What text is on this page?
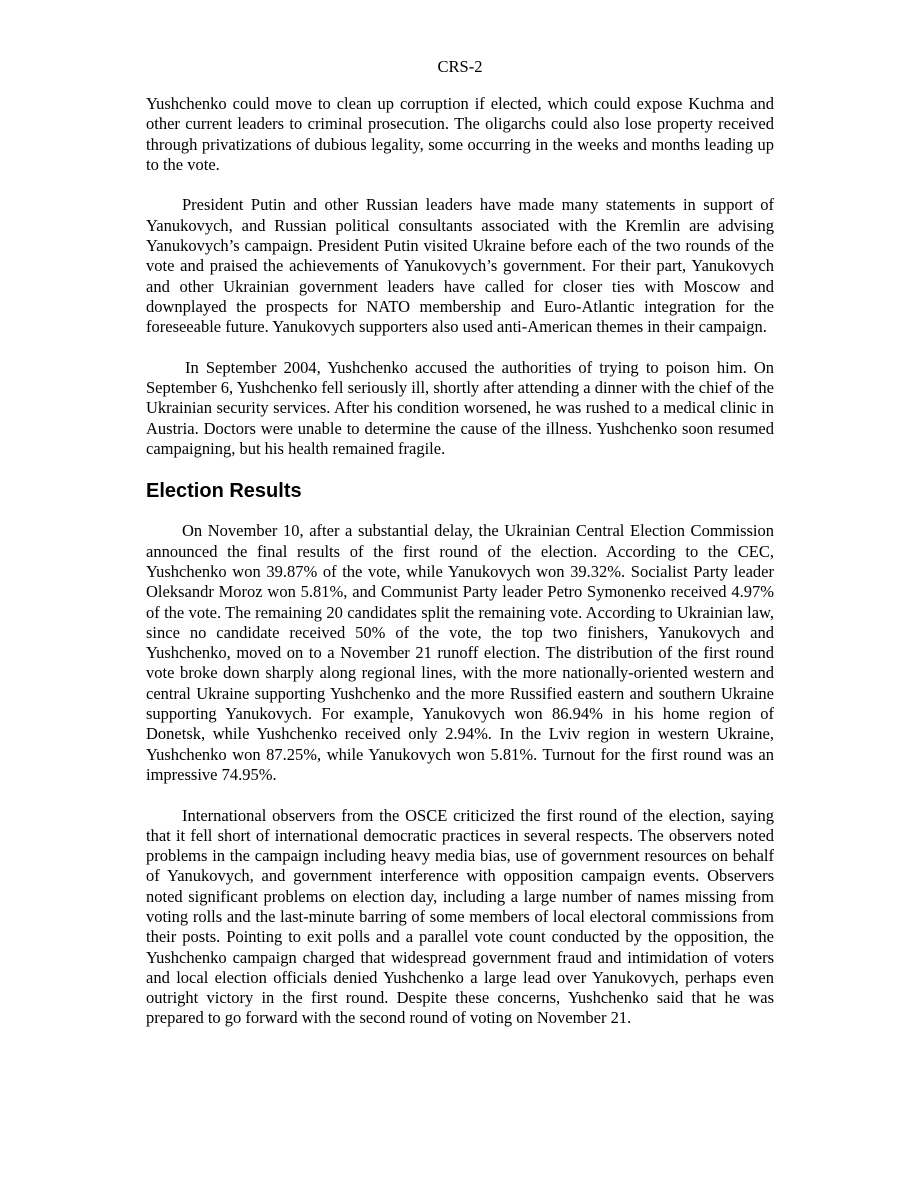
CRS-2

Yushchenko could move to clean up corruption if elected, which could expose Kuchma and other current leaders to criminal prosecution. The oligarchs could also lose property received through privatizations of dubious legality, some occurring in the weeks and months leading up to the vote.

President Putin and other Russian leaders have made many statements in support of Yanukovych, and Russian political consultants associated with the Kremlin are advising Yanukovych’s campaign. President Putin visited Ukraine before each of the two rounds of the vote and praised the achievements of Yanukovych’s government. For their part, Yanukovych and other Ukrainian government leaders have called for closer ties with Moscow and downplayed the prospects for NATO membership and Euro-Atlantic integration for the foreseeable future. Yanukovych supporters also used anti-American themes in their campaign.

In September 2004, Yushchenko accused the authorities of trying to poison him. On September 6, Yushchenko fell seriously ill, shortly after attending a dinner with the chief of the Ukrainian security services. After his condition worsened, he was rushed to a medical clinic in Austria. Doctors were unable to determine the cause of the illness. Yushchenko soon resumed campaigning, but his health remained fragile.

Election Results

On November 10, after a substantial delay, the Ukrainian Central Election Commission announced the final results of the first round of the election. According to the CEC, Yushchenko won 39.87% of the vote, while Yanukovych won 39.32%. Socialist Party leader Oleksandr Moroz won 5.81%, and Communist Party leader Petro Symonenko received 4.97% of the vote. The remaining 20 candidates split the remaining vote. According to Ukrainian law, since no candidate received 50% of the vote, the top two finishers, Yanukovych and Yushchenko, moved on to a November 21 runoff election. The distribution of the first round vote broke down sharply along regional lines, with the more nationally-oriented western and central Ukraine supporting Yushchenko and the more Russified eastern and southern Ukraine supporting Yanukovych. For example, Yanukovych won 86.94% in his home region of Donetsk, while Yushchenko received only 2.94%. In the Lviv region in western Ukraine, Yushchenko won 87.25%, while Yanukovych won 5.81%. Turnout for the first round was an impressive 74.95%.

International observers from the OSCE criticized the first round of the election, saying that it fell short of international democratic practices in several respects. The observers noted problems in the campaign including heavy media bias, use of government resources on behalf of Yanukovych, and government interference with opposition campaign events. Observers noted significant problems on election day, including a large number of names missing from voting rolls and the last-minute barring of some members of local electoral commissions from their posts. Pointing to exit polls and a parallel vote count conducted by the opposition, the Yushchenko campaign charged that widespread government fraud and intimidation of voters and local election officials denied Yushchenko a large lead over Yanukovych, perhaps even outright victory in the first round. Despite these concerns, Yushchenko said that he was prepared to go forward with the second round of voting on November 21.
